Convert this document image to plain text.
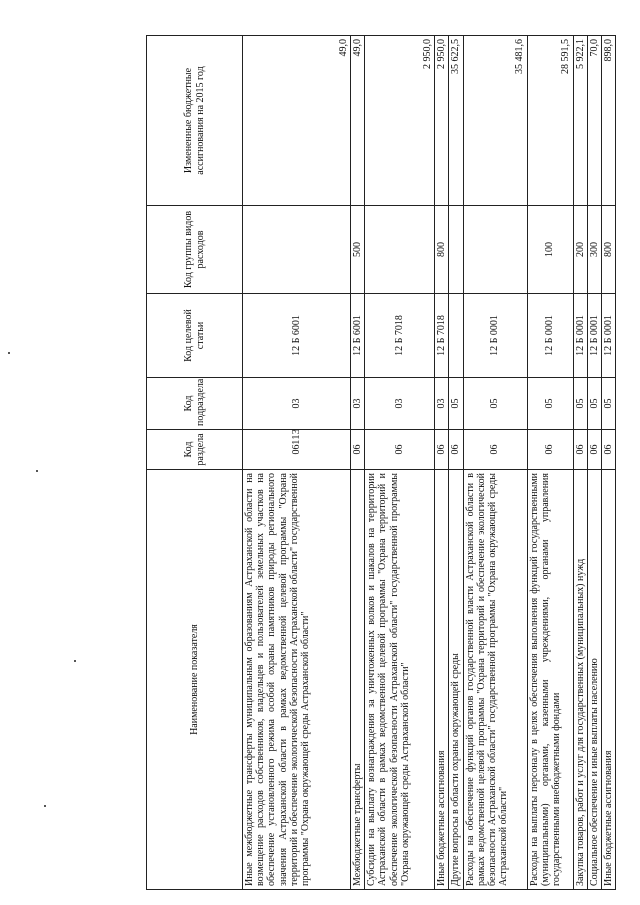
113
Наименование показателя	Код раздела	Код подраздела	Код целевой статьи	Код группы видов расходов	Измененные бюджетные ассигнования на 2015 год
Иные межбюджетные трансферты муниципальным образованиям Астраханской области на возмещение расходов собственников, владельцев и пользователей земельных участков на обеспечение установленного режима особой охраны памятников природы регионального значения Астраханской области в рамках ведомственной целевой программы "Охрана территорий и обеспечение экологической безопасности Астраханской области" государственной программы "Охрана окружающей среды Астраханской области"	06	03	12 Б 6001		49,0
Межбюджетные трансферты	06	03	12 Б 6001	500	49,0
Субсидии на выплату вознаграждения за уничтоженных волков и шакалов на территории Астраханской области в рамках ведомственной целевой программы "Охрана территорий и обеспечение экологической безопасности Астраханской области" государственной программы "Охрана окружающей среды Астраханской области"	06	03	12 Б 7018		2 950,0
Иные бюджетные ассигнования	06	03	12 Б 7018	800	2 950,0
Другие вопросы в области охраны окружающей среды	06	05			35 622,5
Расходы на обеспечение функций органов государственной власти Астраханской области в рамках ведомственной целевой программы "Охрана территорий и обеспечение экологической безопасности Астраханской области" государственной программы "Охрана окружающей среды Астраханской области"	06	05	12 Б 0001		35 481,6
Расходы на выплаты персоналу в целях обеспечения выполнения функций государственными (муниципальными) органами, казенными учреждениями, органами управления государственными внебюджетными фондами	06	05	12 Б 0001	100	28 591,5
Закупка товаров, работ и услуг для государственных (муниципальных) нужд	06	05	12 Б 0001	200	5 922,1
Социальное обеспечение и иные выплаты населению	06	05	12 Б 0001	300	70,0
Иные бюджетные ассигнования	06	05	12 Б 0001	800	898,0
